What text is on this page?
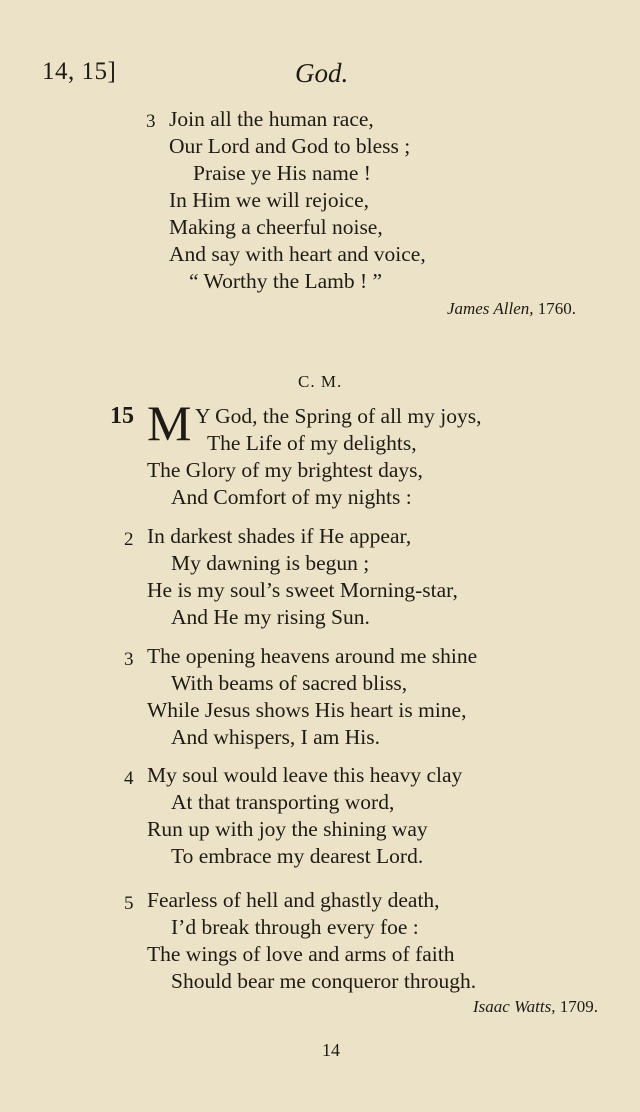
14, 15]	God.
3 Join all the human race,
Our Lord and God to bless ;
Praise ye His name !
In Him we will rejoice,
Making a cheerful noise,
And say with heart and voice,
“ Worthy the Lamb ! ”
James Allen, 1760.
C. M.
15 M Y God, the Spring of all my joys,
The Life of my delights,
The Glory of my brightest days,
And Comfort of my nights :
2 In darkest shades if He appear,
My dawning is begun ;
He is my soul’s sweet Morning-star,
And He my rising Sun.
3 The opening heavens around me shine
With beams of sacred bliss,
While Jesus shows His heart is mine,
And whispers, I am His.
4 My soul would leave this heavy clay
At that transporting word,
Run up with joy the shining way
To embrace my dearest Lord.
5 Fearless of hell and ghastly death,
I’d break through every foe :
The wings of love and arms of faith
Should bear me conqueror through.
Isaac Watts, 1709.
14
